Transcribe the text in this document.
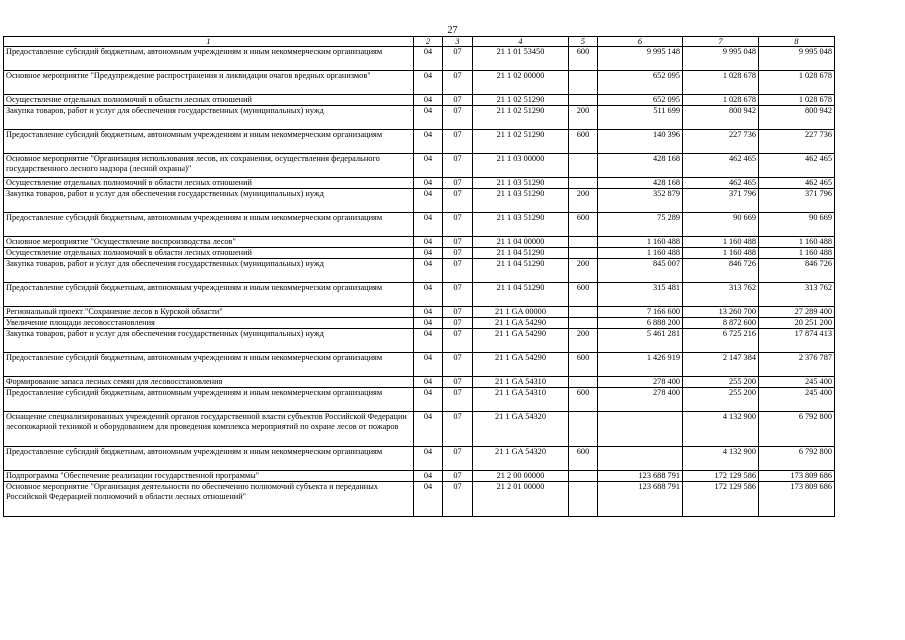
27
1	2	3	4	5	6	7	8
Предоставление субсидий бюджетным, автономным учреждениям и иным некоммерческим организациям	04	07	21 1 01 53450	600	9 995 148	9 995 048	9 995 048
Основное мероприятие "Предупреждение распространения и ликвидация очагов вредных организмов"	04	07	21 1 02 00000		652 095	1 028 678	1 028 678
Осуществление отдельных полномочий в области лесных отношений	04	07	21 1 02 51290		652 095	1 028 678	1 028 678
Закупка товаров, работ и услуг для обеспечения государственных (муниципальных) нужд	04	07	21 1 02 51290	200	511 699	800 942	800 942
Предоставление субсидий бюджетным, автономным учреждениям и иным некоммерческим организациям	04	07	21 1 02 51290	600	140 396	227 736	227 736
Основное мероприятие "Организация использования лесов, их сохранения, осуществления федерального государственного лесного надзора (лесной охраны)"	04	07	21 1 03 00000		428 168	462 465	462 465
Осуществление отдельных полномочий в области лесных отношений	04	07	21 1 03 51290		428 168	462 465	462 465
Закупка товаров, работ и услуг для обеспечения государственных (муниципальных) нужд	04	07	21 1 03 51290	200	352 879	371 796	371 796
Предоставление субсидий бюджетным, автономным учреждениям и иным некоммерческим организациям	04	07	21 1 03 51290	600	75 289	90 669	90 669
Основное мероприятие "Осуществление воспроизводства лесов"	04	07	21 1 04 00000		1 160 488	1 160 488	1 160 488
Осуществление отдельных полномочий в области лесных отношений	04	07	21 1 04 51290		1 160 488	1 160 488	1 160 488
Закупка товаров, работ и услуг для обеспечения государственных (муниципальных) нужд	04	07	21 1 04 51290	200	845 007	846 726	846 726
Предоставление субсидий бюджетным, автономным учреждениям и иным некоммерческим организациям	04	07	21 1 04 51290	600	315 481	313 762	313 762
Региональный проект "Сохранение лесов в Курской области"	04	07	21 1 GA 00000		7 166 600	13 260 700	27 289 400
Увеличение площади лесовосстановления	04	07	21 1 GA 54290		6 888 200	8 872 600	20 251 200
Закупка товаров, работ и услуг для обеспечения государственных (муниципальных) нужд	04	07	21 1 GA 54290	200	5 461 281	6 725 216	17 874 413
Предоставление субсидий бюджетным, автономным учреждениям и иным некоммерческим организациям	04	07	21 1 GA 54290	600	1 426 919	2 147 384	2 376 787
Формирование запаса лесных семян для лесовосстановления	04	07	21 1 GA 54310		278 400	255 200	245 400
Предоставление субсидий бюджетным, автономным учреждениям и иным некоммерческим организациям	04	07	21 1 GA 54310	600	278 400	255 200	245 400
Оснащение специализированных учреждений органов государственной власти субъектов Российской Федерации лесопожарной техникой и оборудованием для проведения комплекса мероприятий по охране лесов от пожаров	04	07	21 1 GA 54320			4 132 900	6 792 800
Предоставление субсидий бюджетным, автономным учреждениям и иным некоммерческим организациям	04	07	21 1 GA 54320	600		4 132 900	6 792 800
Подпрограмма "Обеспечение реализации государственной программы"	04	07	21 2 00 00000		123 688 791	172 129 586	173 809 686
Основное мероприятие "Организация деятельности по обеспечению полномочий субъекта и переданных Российской Федерацией полномочий в области лесных отношений"	04	07	21 2 01 00000		123 688 791	172 129 586	173 809 686
